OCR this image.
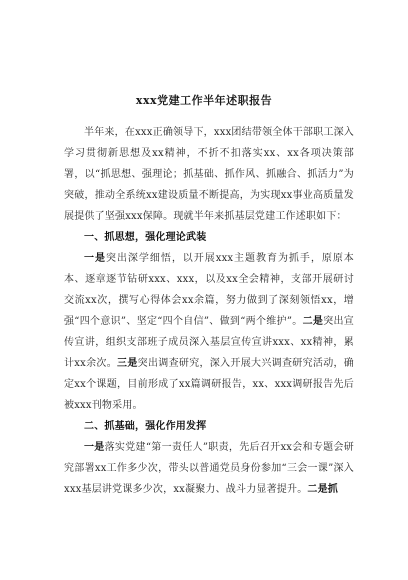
xxx党建工作半年述职报告

半年来，在xxx正确领导下，xxx团结带领全体干部职工深入学习贯彻新思想及xx精神，不折不扣落实xx、xx各项决策部署，以“抓思想、强理论；抓基础、抓作风、抓融合、抓活力”为突破，推动全系统xx建设质量不断提高，为实现xx事业高质量发展提供了坚强xxx保障。现就半年来抓基层党建工作述职如下：

一、抓思想，强化理论武装

一是突出深学细悟，以开展xxx主题教育为抓手，原原本本、逐章逐节钻研xxx、xxx，以及xx全会精神，支部开展研讨交流xx次，撰写心得体会xx余篇，努力做到了深刻领悟xx，增强“四个意识”、坚定“四个自信”、做到“两个维护”。二是突出宣传宣讲，组织支部班子成员深入基层宣传宣讲xxx、xx精神，累计xx余次。三是突出调查研究，深入开展大兴调查研究活动，确定xx个课题，目前形成了xx篇调研报告，xx、xxx调研报告先后被xxx刊物采用。

二、抓基础，强化作用发挥

一是落实党建“第一责任人”职责，先后召开xx会和专题会研究部署xx工作多少次，带头以普通党员身份参加“三会一课”深入xxx基层讲党课多少次，xx凝聚力、战斗力显著提升。二是抓
